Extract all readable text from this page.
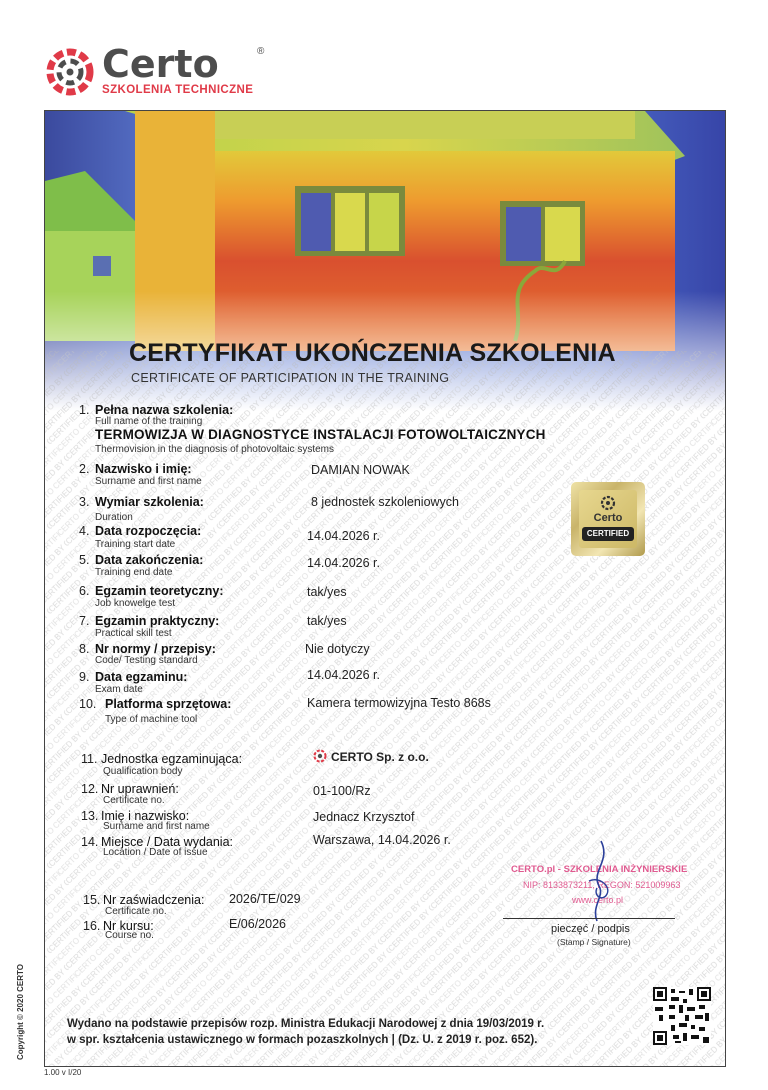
Certo	®
SZKOLENIA TECHNICZNE
CERTYFIKAT UKOŃCZENIA SZKOLENIA
CERTIFICATE OF PARTICIPATION IN THE TRAINING
1. Pełna nazwa szkolenia:
Full name of the training
TERMOWIZJA W DIAGNOSTYCE INSTALACJI FOTOWOLTAICZNYCH
Thermovision in the diagnosis of photovoltaic systems
2. Nazwisko i imię:
Surname and first name
DAMIAN NOWAK
3. Wymiar szkolenia:
Duration
8 jednostek szkoleniowych
4. Data rozpoczęcia:
Training start date
14.04.2026 r.
5. Data zakończenia:
Training end date
14.04.2026 r.
6. Egzamin teoretyczny:
Job knowelge test
tak/yes
7. Egzamin praktyczny:
Practical skill test
tak/yes
8. Nr normy / przepisy:
Code/ Testing standard
Nie dotyczy
9. Data egzaminu:
Exam date
14.04.2026 r.
10. Platforma sprzętowa:
Type of machine tool
Kamera termowizyjna Testo 868s
11. Jednostka egzaminująca:
Qualification body
CERTO Sp. z o.o.
12. Nr uprawnień:
Certificate no.
01-100/Rz
13. Imię i nazwisko:
Surname and first name
Jednacz Krzysztof
14. Miejsce / Data wydania:
Location / Date of issue
Warszawa, 14.04.2026 r.
15. Nr zaświadczenia:
Certificate no.
2026/TE/029
16. Nr kursu:
Course no.
E/06/2026
Certo
CERTIFIED
CERTO.pl - SZKOLENIA INŻYNIERSKIE
NIP: 8133873211, REGON: 521009963
www.certo.pl
pieczęć / podpis
(Stamp / Signature)
Wydano na podstawie przepisów rozp. Ministra Edukacji Narodowej z dnia 19/03/2019 r.
w spr. kształcenia ustawicznego w formach pozaszkolnych | (Dz. U. z 2019 r. poz. 652).
Copyright © 2020 CERTO
1.00 v I/20
